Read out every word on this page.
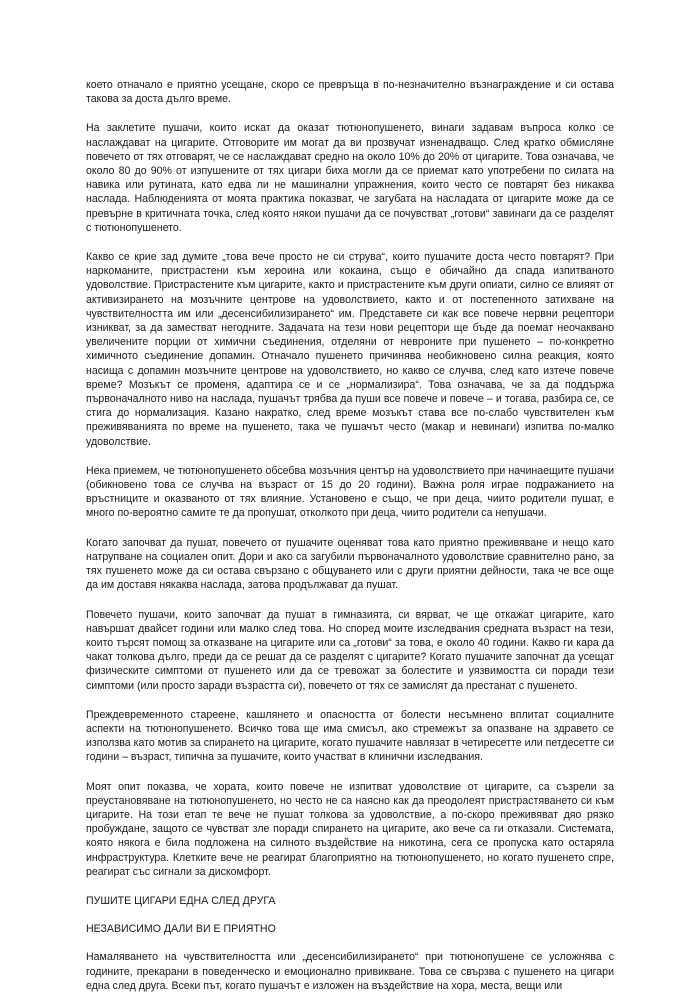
което отначало е приятно усещане, скоро се превръща в по-незначително възнаграждение и си остава такова за доста дълго време.

На заклетите пушачи, които искат да оказат тютюнопушенето, винаги задавам въпроса колко се наслаждават на цигарите. Отговорите им могат да ви прозвучат изненадващо. След кратко обмисляне повечето от тях отговарят, че се наслаждават средно на около 10% до 20% от цигарите. Това означава, че около 80 до 90% от изпушените от тях цигари биха могли да се приемат като употребени по силата на навика или рутината, като едва ли не машинални упражнения, които често се повтарят без никаква наслада. Наблюденията от моята практика показват, че загубата на насладата от цигарите може да се превърне в критичната точка, след която някои пушачи да се почувстват „готови“ завинаги да се разделят с тютюнопушенето.

Какво се крие зад думите „това вече просто не си струва“, които пушачите доста често повтарят? При наркоманите, пристрастени към хероина или кокаина, също е обичайно да спада изпитваното удоволствие. Пристрастените към цигарите, както и пристрастените към други опиати, силно се влияят от активизирането на мозъчните центрове на удоволствието, както и от постепенното затихване на чувствителността им или „десенсибилизирането“ им. Представете си как все повече нервни рецептори изникват, за да заместват негодните. Задачата на тези нови рецептори ще бъде да поемат неочаквано увеличените порции от химични съединения, отделяни от невроните при пушенето – по-конкретно химичното съединение допамин. Отначало пушенето причинява необикновено силна реакция, която насища с допамин мозъчните центрове на удоволствието, но какво се случва, след като изтече повече време? Мозъкът се променя, адаптира се и се „нормализира“. Това означава, че за да поддържа първоначалното ниво на наслада, пушачът трябва да пуши все повече и повече – и тогава, разбира се, се стига до нормализация. Казано накратко, след време мозъкът става все по-слабо чувствителен към преживяванията по време на пушенето, така че пушачът често (макар и невинаги) изпитва по-малко удоволствие.

Нека приемем, че тютюнопушенето обсебва мозъчния център на удоволствието при начинаещите пушачи (обикновено това се случва на възраст от 15 до 20 години). Важна роля играе подражанието на връстниците и оказваното от тях влияние. Установено е също, че при деца, чиито родители пушат, е много по-вероятно самите те да пропушат, отколкото при деца, чиито родители са непушачи.

Когато започват да пушат, повечето от пушачите оценяват това като приятно преживяване и нещо като натрупване на социален опит. Дори и ако са загубили първоначалното удоволствие сравнително рано, за тях пушенето може да си остава свързано с общуването или с други приятни дейности, така че все още да им доставя някаква наслада, затова продължават да пушат.

Повечето пушачи, които започват да пушат в гимназията, си вярват, че ще откажат цигарите, като навършат двайсет години или малко след това. Но според моите изследвания средната възраст на тези, които търсят помощ за отказване на цигарите или са „готови“ за това, е около 40 години. Какво ги кара да чакат толкова дълго, преди да се решат да се разделят с цигарите? Когато пушачите започнат да усещат физическите симптоми от пушенето или да се тревожат за болестите и уязвимостта си поради тези симптоми (или просто заради възрастта си), повечето от тях се замислят да престанат с пушенето.

Преждевременното стареене, кашлянето и опасността от болести несъмнено вплитат социалните аспекти на тютюнопушенето. Всичко това ще има смисъл, ако стремежът за опазване на здравето се използва като мотив за спирането на цигарите, когато пушачите навлязат в четиресетте или петдесетте си години – възраст, типична за пушачите, които участват в клинични изследвания.

Моят опит показва, че хората, които повече не изпитват удоволствие от цигарите, са съзрели за преустановяване на тютюнопушенето, но често не са наясно как да преодолеят пристрастяването си към цигарите. На този етап те вече не пушат толкова за удоволствие, а по-скоро преживяват дяо рязко пробуждане, защото се чувстват зле поради спирането на цигарите, ако вече са ги отказали. Системата, която някога е била подложена на силното въздействие на никотина, сега се пропуска като остаряла инфраструктура. Клетките вече не реагират благоприятно на тютюнопушенето, но когато пушенето спре, реагират със сигнали за дискомфорт.

ПУШИТЕ ЦИГАРИ ЕДНА СЛЕД ДРУГА

НЕЗАВИСИМО ДАЛИ ВИ Е ПРИЯТНО

Намаляването на чувствителността или „десенсибилизирането“ при тютюнопушене се усложнява с годините, прекарани в поведенческо и емоционално привикване. Това се свързва с пушенето на цигари една след друга. Всеки път, когато пушачът е изложен на въздействие на хора, места, вещи или
